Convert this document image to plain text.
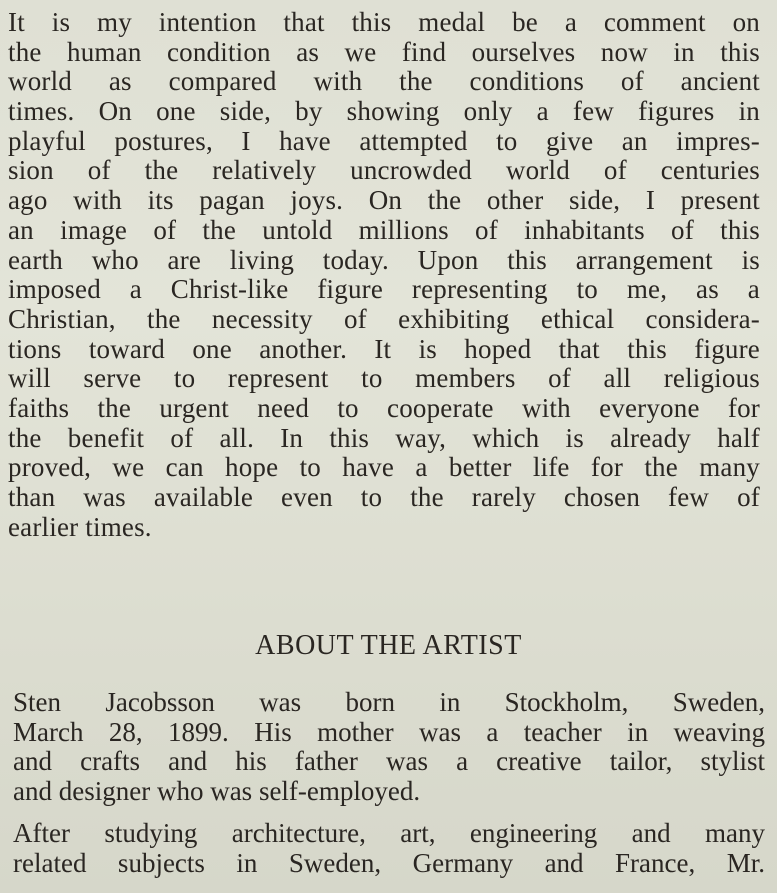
It is my intention that this medal be a comment on
the human condition as we find ourselves now in this
world as compared with the conditions of ancient
times. On one side, by showing only a few figures in
playful postures, I have attempted to give an impres-
sion of the relatively uncrowded world of centuries
ago with its pagan joys. On the other side, I present
an image of the untold millions of inhabitants of this
earth who are living today. Upon this arrangement is
imposed a Christ-like figure representing to me, as a
Christian, the necessity of exhibiting ethical considera-
tions toward one another. It is hoped that this figure
will serve to represent to members of all religious
faiths the urgent need to cooperate with everyone for
the benefit of all. In this way, which is already half
proved, we can hope to have a better life for the many
than was available even to the rarely chosen few of
earlier times.
ABOUT THE ARTIST
Sten Jacobsson was born in Stockholm, Sweden,
March 28, 1899. His mother was a teacher in weaving
and crafts and his father was a creative tailor, stylist
and designer who was self-employed.
After studying architecture, art, engineering and many
related subjects in Sweden, Germany and France, Mr.
